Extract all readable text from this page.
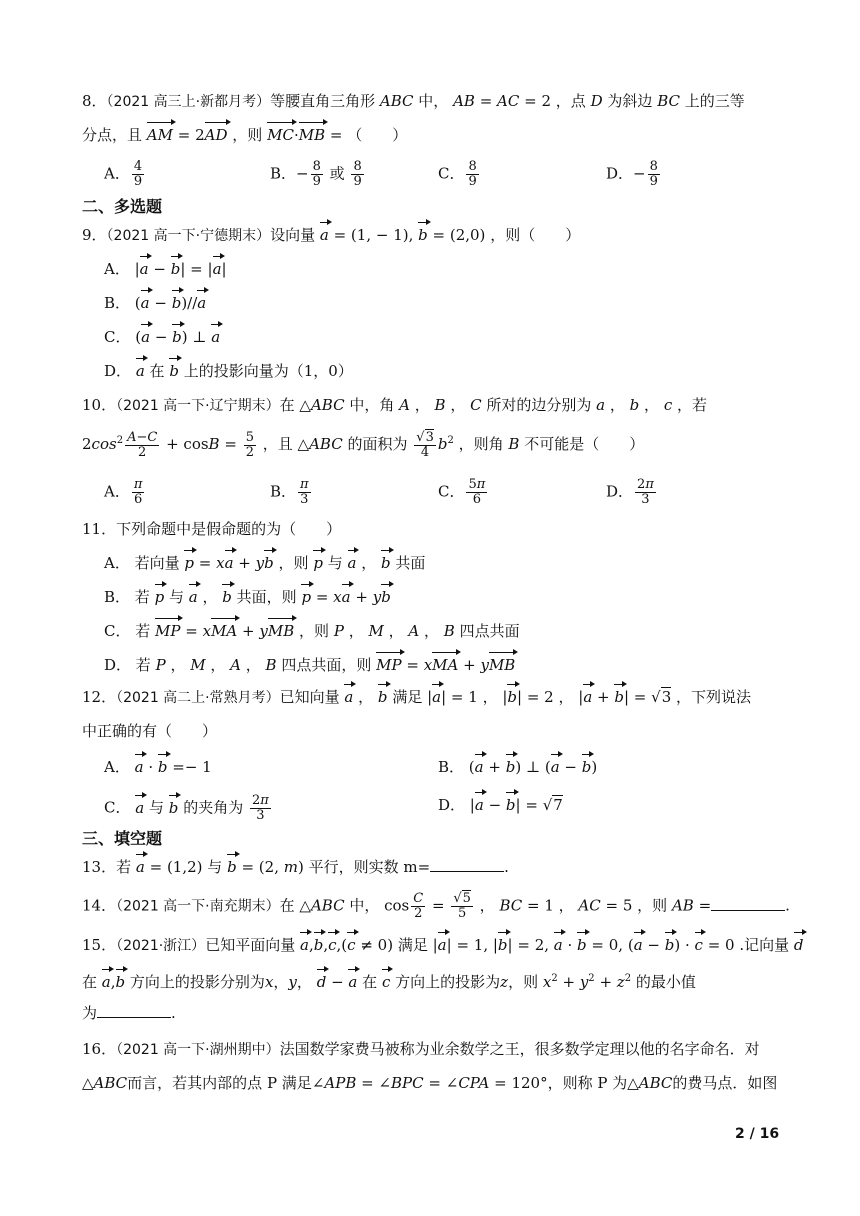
8．（2021 高三上·新都月考）等腰直角三角形 ABC 中， AB = AC = 2 ，点 D 为斜边 BC 上的三等
分点，且 AM = 2AD ，则 MC·MB = （　　）
A． $\frac{4}{9}$	B．− $\frac{8}{9}$ 或 $\frac{8}{9}$	C． $\frac{8}{9}$	D．− $\frac{8}{9}$
二、多选题
9．（2021 高一下·宁德期末）设向量 a = (1, − 1), b = (2,0) ，则（　　）
A． |a − b| = |a|
B． (a − b)//a
C． (a − b) ⊥ a
D． a 在 b 上的投影向量为（1，0）
10．（2021 高一下·辽宁期末）在 △ABC 中，角 A ， B ， C 所对的边分别为 a ， b ， c ，若
$2\cos^2 \frac{A-C}{2} + \cos B = \frac{5}{2}$ ，且 △ABC 的面积为 $\frac{√3}{4} b^2$ ，则角 B 不可能是（　　）
A． $\frac{\pi}{6}$	B． $\frac{\pi}{3}$	C． $\frac{5\pi}{6}$	D． $\frac{2\pi}{3}$
11．下列命题中是假命题的为（　　）
A． 若向量 p = xa + yb ，则 p 与 a ， b 共面
B． 若 p 与 a ， b 共面，则 p = xa + yb
C． 若 MP = xMA + yMB ，则 P ， M ， A ， B 四点共面
D． 若 P ， M ， A ， B 四点共面，则 MP = xMA + yMB
12．（2021 高二上·常熟月考）已知向量 a ， b 满足 |a| = 1 ， |b| = 2 ， |a + b| = √3 ，下列说法
中正确的有（　　）
A． a · b =− 1	B． (a + b) ⊥ (a − b)
C． a 与 b 的夹角为 $\frac{2\pi}{3}$	D． |a − b| = √7
三、填空题
13．若 a = (1,2) 与 b = (2, m) 平行，则实数 m=	.
14．（2021 高一下·南充期末）在 △ABC 中， $\cos \frac{C}{2} = \frac{√5}{5}$ ， BC = 1 ， AC = 5 ，则 AB =	.
15．（2021·浙江）已知平面向量 a,b,c,(c ≠ 0) 满足 |a| = 1, |b| = 2, a · b = 0, (a − b) · c = 0 .记向量 d
在 a,b 方向上的投影分别为x，y， d − a 在 c 方向上的投影为z，则 $x^2 + y^2 + z^2$ 的最小值
为	.
16．（2021 高一下·湖州期中）法国数学家费马被称为业余数学之王，很多数学定理以他的名字命名．对
△ABC而言，若其内部的点 P 满足∠APB = ∠BPC = ∠CPA = 120°，则称 P 为△ABC的费马点．如图
2 / 16
